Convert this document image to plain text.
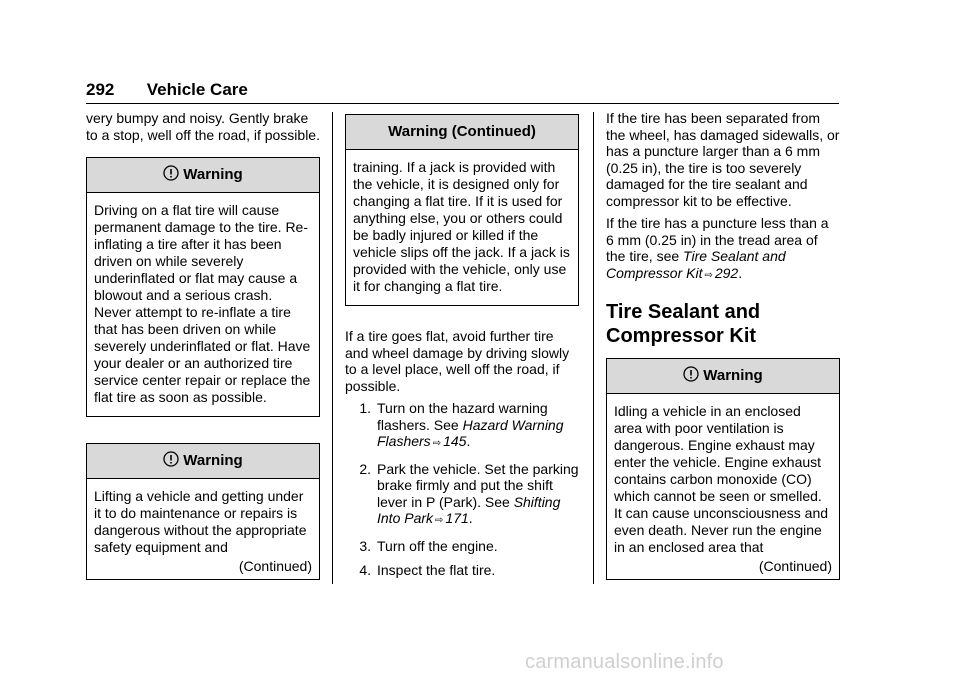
292 Vehicle Care

very bumpy and noisy. Gently brake to a stop, well off the road, if possible.

Warning
Driving on a flat tire will cause permanent damage to the tire. Re-inflating a tire after it has been driven on while severely underinflated or flat may cause a blowout and a serious crash. Never attempt to re-inflate a tire that has been driven on while severely underinflated or flat. Have your dealer or an authorized tire service center repair or replace the flat tire as soon as possible.
Warning
Lifting a vehicle and getting under it to do maintenance or repairs is dangerous without the appropriate safety equipment and
(Continued)
Warning (Continued)
training. If a jack is provided with the vehicle, it is designed only for changing a flat tire. If it is used for anything else, you or others could be badly injured or killed if the vehicle slips off the jack. If a jack is provided with the vehicle, only use it for changing a flat tire.

If a tire goes flat, avoid further tire and wheel damage by driving slowly to a level place, well off the road, if possible.

1. Turn on the hazard warning flashers. See Hazard Warning Flashers ⇨ 145.
2. Park the vehicle. Set the parking brake firmly and put the shift lever in P (Park). See Shifting Into Park ⇨ 171.
3. Turn off the engine.
4. Inspect the flat tire.

If the tire has been separated from the wheel, has damaged sidewalls, or has a puncture larger than a 6 mm (0.25 in), the tire is too severely damaged for the tire sealant and compressor kit to be effective.

If the tire has a puncture less than a 6 mm (0.25 in) in the tread area of the tire, see Tire Sealant and Compressor Kit ⇨ 292.

Tire Sealant and Compressor Kit
Warning
Idling a vehicle in an enclosed area with poor ventilation is dangerous. Engine exhaust may enter the vehicle. Engine exhaust contains carbon monoxide (CO) which cannot be seen or smelled. It can cause unconsciousness and even death. Never run the engine in an enclosed area that
(Continued)
carmanualsonline.info
